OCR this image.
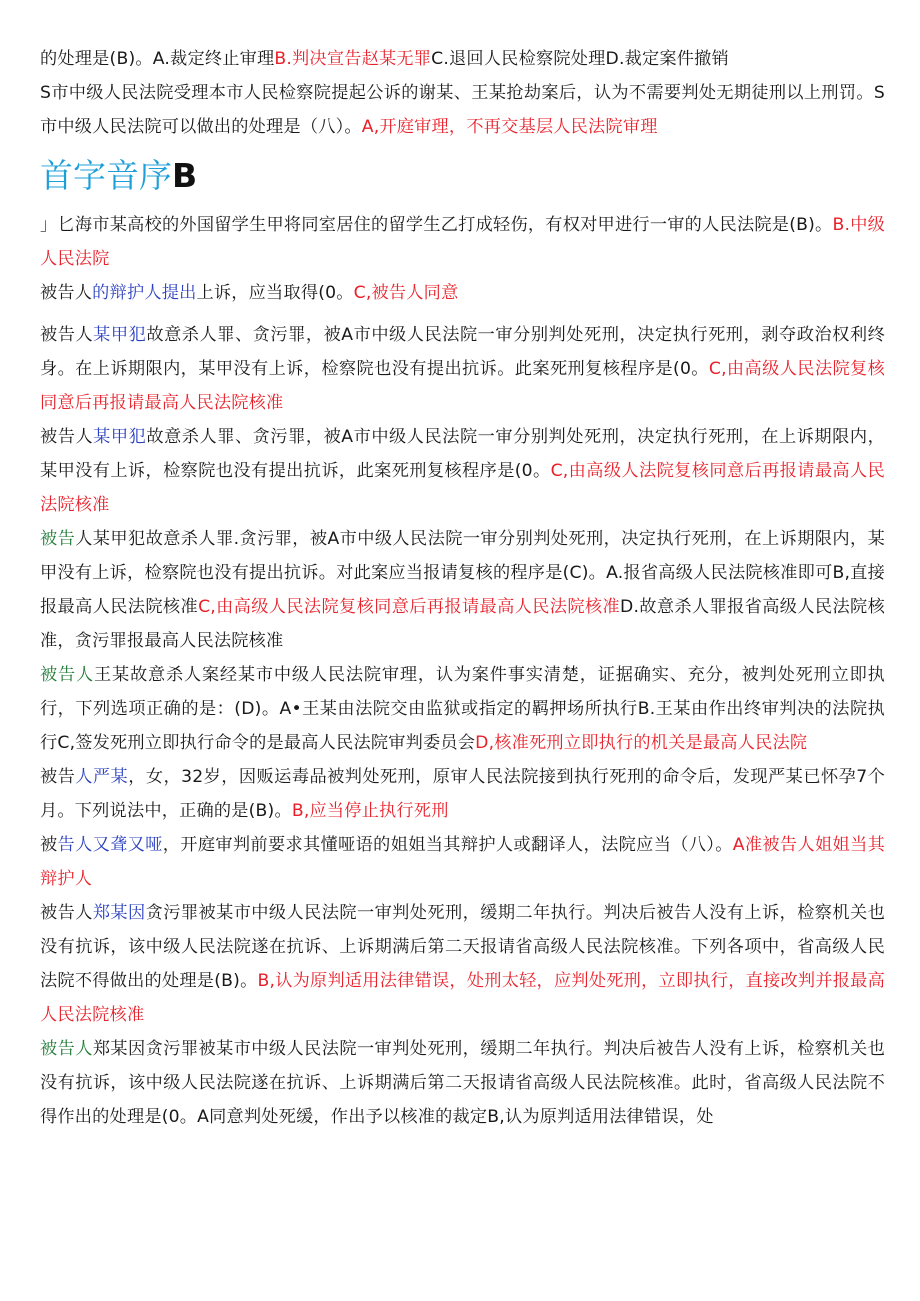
的处理是(B)。A.裁定终止审理B.判决宣告赵某无罪C.退回人民检察院处理D.裁定案件撤销

S市中级人民法院受理本市人民检察院提起公诉的谢某、王某抢劫案后，认为不需要判处无期徒刑以上刑罚。S市中级人民法院可以做出的处理是（八）。A,开庭审理，不再交基层人民法院审理

首字音序B

」匕海市某高校的外国留学生甲将同室居住的留学生乙打成轻伤，有权对甲进行一审的人民法院是(B)。B.中级人民法院

被告人的辩护人提出上诉，应当取得(0。C,被告人同意

被告人某甲犯故意杀人罪、贪污罪，被A市中级人民法院一审分别判处死刑，决定执行死刑，剥夺政治权利终身。在上诉期限内，某甲没有上诉，检察院也没有提出抗诉。此案死刑复核程序是(0。C,由高级人民法院复核同意后再报请最高人民法院核准

被告人某甲犯故意杀人罪、贪污罪，被A市中级人民法院一审分别判处死刑，决定执行死刑，在上诉期限内，某甲没有上诉，检察院也没有提出抗诉，此案死刑复核程序是(0。C,由高级人法院复核同意后再报请最高人民法院核准

被告人某甲犯故意杀人罪.贪污罪，被A市中级人民法院一审分别判处死刑，决定执行死刑，在上诉期限内，某甲没有上诉，检察院也没有提出抗诉。对此案应当报请复核的程序是(C)。A.报省高级人民法院核准即可B,直接报最高人民法院核准C,由高级人民法院复核同意后再报请最高人民法院核准D.故意杀人罪报省高级人民法院核准，贪污罪报最高人民法院核准

被告人王某故意杀人案经某市中级人民法院审理，认为案件事实清楚，证据确实、充分，被判处死刑立即执行，下列选项正确的是：(D)。A•王某由法院交由监狱或指定的羁押场所执行B.王某由作出终审判决的法院执行C,签发死刑立即执行命令的是最高人民法院审判委员会D,核准死刑立即执行的机关是最高人民法院

被告人严某，女，32岁，因贩运毒品被判处死刑，原审人民法院接到执行死刑的命令后，发现严某已怀孕7个月。下列说法中，正确的是(B)。B,应当停止执行死刑

被告人又聋又哑，开庭审判前要求其懂哑语的姐姐当其辩护人或翻译人，法院应当（八）。A准被告人姐姐当其辩护人

被告人郑某因贪污罪被某市中级人民法院一审判处死刑，缓期二年执行。判决后被告人没有上诉，检察机关也没有抗诉，该中级人民法院遂在抗诉、上诉期满后第二天报请省高级人民法院核准。下列各项中，省高级人民法院不得做出的处理是(B)。B,认为原判适用法律错误，处刑太轻，应判处死刑，立即执行，直接改判并报最高人民法院核准

被告人郑某因贪污罪被某市中级人民法院一审判处死刑，缓期二年执行。判决后被告人没有上诉，检察机关也没有抗诉，该中级人民法院遂在抗诉、上诉期满后第二天报请省高级人民法院核准。此时，省高级人民法院不得作出的处理是(0。A同意判处死缓，作出予以核准的裁定B,认为原判适用法律错误，处
